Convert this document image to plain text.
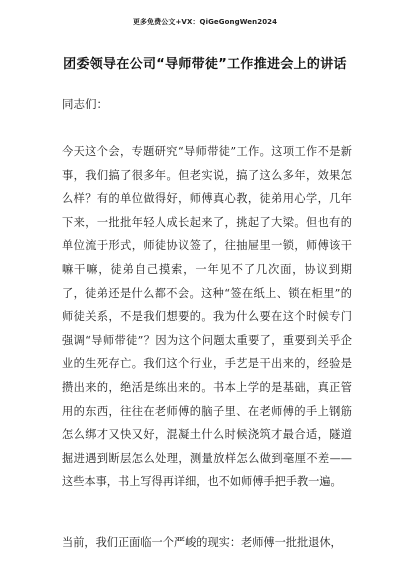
更多免费公文+VX：QiGeGongWen2024
团委领导在公司“导师带徒”工作推进会上的讲话
同志们：
今天这个会，专题研究“导师带徒”工作。这项工作不是新事，我们搞了很多年。但老实说，搞了这么多年，效果怎么样？有的单位做得好，师傅真心教，徒弟用心学，几年下来，一批批年轻人成长起来了，挑起了大梁。但也有的单位流于形式，师徒协议签了，往抽屉里一锁，师傅该干嘛干嘛，徒弟自己摸索，一年见不了几次面，协议到期了，徒弟还是什么都不会。这种“签在纸上、锁在柜里”的师徒关系，不是我们想要的。我为什么要在这个时候专门强调“导师带徒”？因为这个问题太重要了，重要到关乎企业的生死存亡。我们这个行业，手艺是干出来的，经验是攒出来的，绝活是练出来的。书本上学的是基础，真正管用的东西，往往在老师傅的脑子里、在老师傅的手上钢筋怎么绑才又快又好，混凝土什么时候浇筑才最合适，隧道掘进遇到断层怎么处理，测量放样怎么做到毫厘不差——这些本事，书上写得再详细，也不如师傅手把手教一遍。
当前，我们正面临一个严峻的现实：老师傅一批批退休，
